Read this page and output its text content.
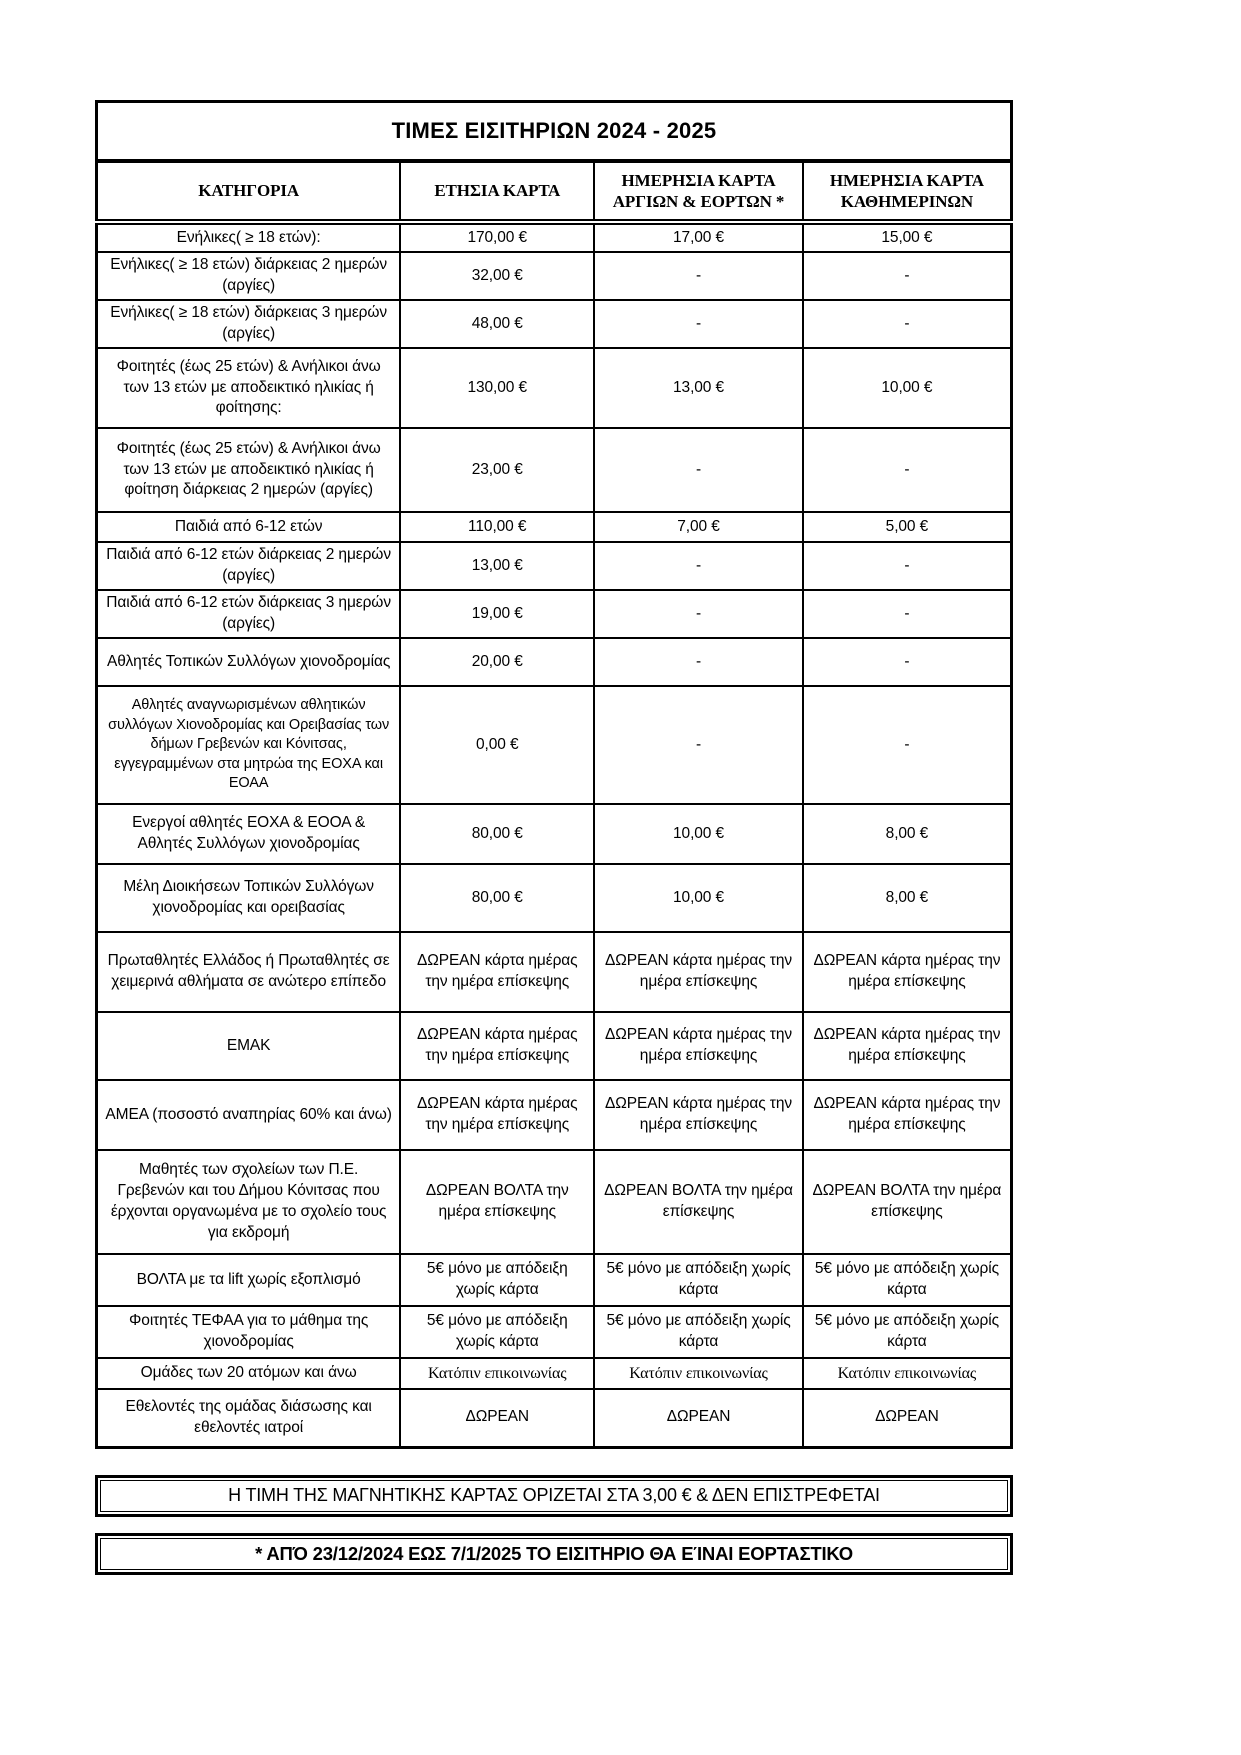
ΤΙΜΕΣ ΕΙΣΙΤΗΡΙΩΝ 2024 - 2025			
ΚΑΤΗΓΟΡΙΑ	ΕΤΗΣΙΑ ΚΑΡΤΑ	ΗΜΕΡΗΣΙΑ ΚΑΡΤΑ ΑΡΓΙΩΝ & ΕΟΡΤΩΝ *	ΗΜΕΡΗΣΙΑ ΚΑΡΤΑ ΚΑΘΗΜΕΡΙΝΩΝ
Ενήλικες( ≥ 18 ετών):	170,00 €	17,00 €	15,00 €
Ενήλικες( ≥ 18 ετών) διάρκειας 2 ημερών (αργίες)	32,00 €	-	-
Ενήλικες( ≥ 18 ετών) διάρκειας 3 ημερών (αργίες)	48,00 €	-	-
Φοιτητές (έως 25 ετών) & Ανήλικοι άνω των 13 ετών με αποδεικτικό ηλικίας ή φοίτησης:	130,00 €	13,00 €	10,00 €
Φοιτητές (έως 25 ετών) & Ανήλικοι άνω των 13 ετών με αποδεικτικό ηλικίας ή φοίτηση διάρκειας 2 ημερών (αργίες)	23,00 €	-	-
Παιδιά από 6-12 ετών	110,00 €	7,00 €	5,00 €
Παιδιά από 6-12 ετών διάρκειας 2 ημερών (αργίες)	13,00 €	-	-
Παιδιά από 6-12 ετών διάρκειας 3 ημερών (αργίες)	19,00 €	-	-
Αθλητές Τοπικών Συλλόγων χιονοδρομίας	20,00 €	-	-
Αθλητές αναγνωρισμένων αθλητικών συλλόγων Χιονοδρομίας και Ορειβασίας των δήμων Γρεβενών και Κόνιτσας, εγγεγραμμένων στα μητρώα της ΕΟΧΑ και ΕΟΑΑ	0,00 €	-	-
Ενεργοί αθλητές ΕΟΧΑ & ΕΟΟΑ & Αθλητές Συλλόγων χιονοδρομίας	80,00 €	10,00 €	8,00 €
Μέλη Διοικήσεων Τοπικών Συλλόγων χιονοδρομίας και ορειβασίας	80,00 €	10,00 €	8,00 €
Πρωταθλητές Ελλάδος ή Πρωταθλητές σε χειμερινά αθλήματα σε ανώτερο επίπεδο	ΔΩΡΕΑΝ κάρτα ημέρας την ημέρα επίσκεψης	ΔΩΡΕΑΝ κάρτα ημέρας την ημέρα επίσκεψης	ΔΩΡΕΑΝ κάρτα ημέρας την ημέρα επίσκεψης
ΕΜΑΚ	ΔΩΡΕΑΝ κάρτα ημέρας την ημέρα επίσκεψης	ΔΩΡΕΑΝ κάρτα ημέρας την ημέρα επίσκεψης	ΔΩΡΕΑΝ κάρτα ημέρας την ημέρα επίσκεψης
ΑΜΕΑ (ποσοστό αναπηρίας 60% και άνω)	ΔΩΡΕΑΝ κάρτα ημέρας την ημέρα επίσκεψης	ΔΩΡΕΑΝ κάρτα ημέρας την ημέρα επίσκεψης	ΔΩΡΕΑΝ κάρτα ημέρας την ημέρα επίσκεψης
Μαθητές των σχολείων των Π.Ε. Γρεβενών και του Δήμου Κόνιτσας που έρχονται οργανωμένα με το σχολείο τους για εκδρομή	ΔΩΡΕΑΝ ΒΟΛΤΑ την ημέρα επίσκεψης	ΔΩΡΕΑΝ ΒΟΛΤΑ την ημέρα επίσκεψης	ΔΩΡΕΑΝ ΒΟΛΤΑ την ημέρα επίσκεψης
ΒΟΛΤΑ με τα lift χωρίς εξοπλισμό	5€ μόνο με απόδειξη χωρίς κάρτα	5€ μόνο με απόδειξη χωρίς κάρτα	5€ μόνο με απόδειξη χωρίς κάρτα
Φοιτητές ΤΕΦΑΑ για το μάθημα της χιονοδρομίας	5€ μόνο με απόδειξη χωρίς κάρτα	5€ μόνο με απόδειξη χωρίς κάρτα	5€ μόνο με απόδειξη χωρίς κάρτα
Ομάδες των 20 ατόμων και άνω	Κατόπιν επικοινωνίας	Κατόπιν επικοινωνίας	Κατόπιν επικοινωνίας
Εθελοντές της ομάδας διάσωσης και εθελοντές ιατροί	ΔΩΡΕΑΝ	ΔΩΡΕΑΝ	ΔΩΡΕΑΝ
Η ΤΙΜΗ ΤΗΣ ΜΑΓΝΗΤΙΚΗΣ ΚΑΡΤΑΣ ΟΡΙΖΕΤΑΙ ΣΤΑ 3,00 € & ΔΕΝ ΕΠΙΣΤΡΕΦΕΤΑΙ
* ΑΠΌ 23/12/2024 ΕΩΣ 7/1/2025 ΤΟ ΕΙΣΙΤΗΡΙΟ ΘΑ ΕΊΝΑΙ ΕΟΡΤΑΣΤΙΚΟ
